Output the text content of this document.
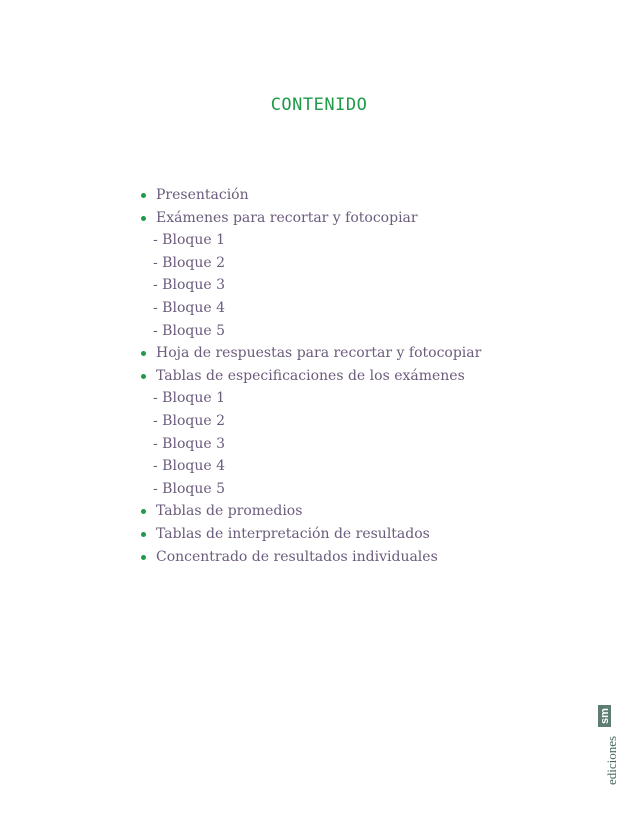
CONTENIDO
Presentación
Exámenes para recortar y fotocopiar
- Bloque 1
- Bloque 2
- Bloque 3
- Bloque 4
- Bloque 5
Hoja de respuestas para recortar y fotocopiar
Tablas de especificaciones de los exámenes
- Bloque 1
- Bloque 2
- Bloque 3
- Bloque 4
- Bloque 5
Tablas de promedios
Tablas de interpretación de resultados
Concentrado de resultados individuales
ediciones
sm
